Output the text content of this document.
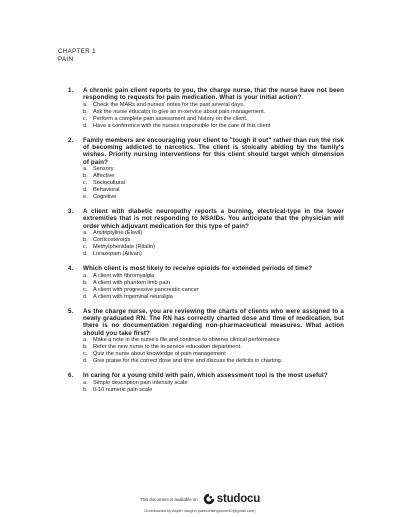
CHAPTER 1
PAIN
1. A chronic pain client reports to you, the charge nurse, that the nurse have not been responding to requests for pain medication. What is your initial action?
a. Check the MARs and nurses' notes for the past several days.
b. Ask the nurse educator to give an in-service about pain management.
c. Perform a complete pain assessment and history on the client.
d. Have a conference with the nurses responsible for the care of this client
2. Family members are encouraging your client to "tough it out" rather than run the risk of becoming addicted to narcotics. The client is stoically abiding by the family's wishes. Priority nursing interventions for this client should target which dimension of pain?
a. Sensory
b. Affective
c. Sociocultural
d. Behavioral
e. Cognitive
3. A client with diabetic neuropathy reports a burning, electrical-type in the lower extremities that is not responding to NSAIDs. You anticipate that the physician will order which adjuvant medication for this type of pain?
a. Amitriptyline (Elavil)
b. Corticosteroids
c. Methylphenidate (Ritalin)
d. Lorazepam (Ativan)
4. Which client is most likely to receive opioids for extended periods of time?
a. A client with fibromyalgia
b. A client with phantom limb pain
c. A client with progressive pancreatic cancer
d. A client with trigeminal neuralgia
5. As the charge nurse, you are reviewing the charts of clients who were assigned to a newly graduated RN. The RN has correctly charted dose and time of medication, but there is no documentation regarding non-pharmaceutical measures. What action should you take first?
a. Make a note in the nurse's file and continue to observe clinical performance
b. Refer the new nurse to the in-service education department.
c. Quiz the nurse about knowledge of pain management
d. Give praise for the correct dose and time and discuss the deficits in charting.
6. In caring for a young child with pain, which assessment tool is the most useful?
a. Simple description pain intensity scale
b. 0-10 numeric pain scale
This document is available on studocu
Downloaded by Asylin Vaughn (samuelkingstone40@gmail.com)
